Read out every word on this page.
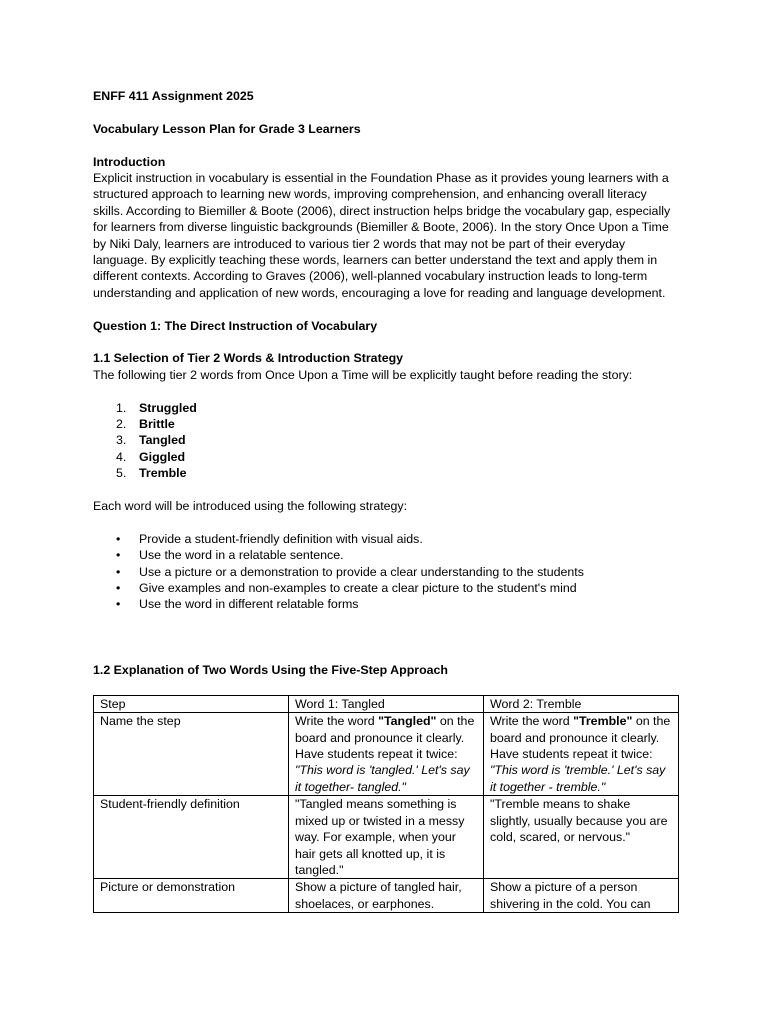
ENFF 411 Assignment 2025

Vocabulary Lesson Plan for Grade 3 Learners

Introduction

Explicit instruction in vocabulary is essential in the Foundation Phase as it provides young learners with a structured approach to learning new words, improving comprehension, and enhancing overall literacy skills. According to Biemiller & Boote (2006), direct instruction helps bridge the vocabulary gap, especially for learners from diverse linguistic backgrounds (Biemiller & Boote, 2006). In the story Once Upon a Time by Niki Daly, learners are introduced to various tier 2 words that may not be part of their everyday language. By explicitly teaching these words, learners can better understand the text and apply them in different contexts. According to Graves (2006), well-planned vocabulary instruction leads to long-term understanding and application of new words, encouraging a love for reading and language development.

Question 1: The Direct Instruction of Vocabulary

1.1 Selection of Tier 2 Words & Introduction Strategy

The following tier 2 words from Once Upon a Time will be explicitly taught before reading the story:

1. Struggled
2. Brittle
3. Tangled
4. Giggled
5. Tremble

Each word will be introduced using the following strategy:

• Provide a student-friendly definition with visual aids.
• Use the word in a relatable sentence.
• Use a picture or a demonstration to provide a clear understanding to the students
• Give examples and non-examples to create a clear picture to the student's mind
• Use the word in different relatable forms

1.2 Explanation of Two Words Using the Five-Step Approach

Step	Word 1: Tangled	Word 2: Tremble
Name the step	Write the word "Tangled" on the board and pronounce it clearly. Have students repeat it twice: "This word is 'tangled.' Let's say it together- tangled."	Write the word "Tremble" on the board and pronounce it clearly. Have students repeat it twice: "This word is 'tremble.' Let's say it together - tremble."
Student-friendly definition	"Tangled means something is mixed up or twisted in a messy way. For example, when your hair gets all knotted up, it is tangled."	"Tremble means to shake slightly, usually because you are cold, scared, or nervous."
Picture or demonstration	Show a picture of tangled hair, shoelaces, or earphones.	Show a picture of a person shivering in the cold. You can
